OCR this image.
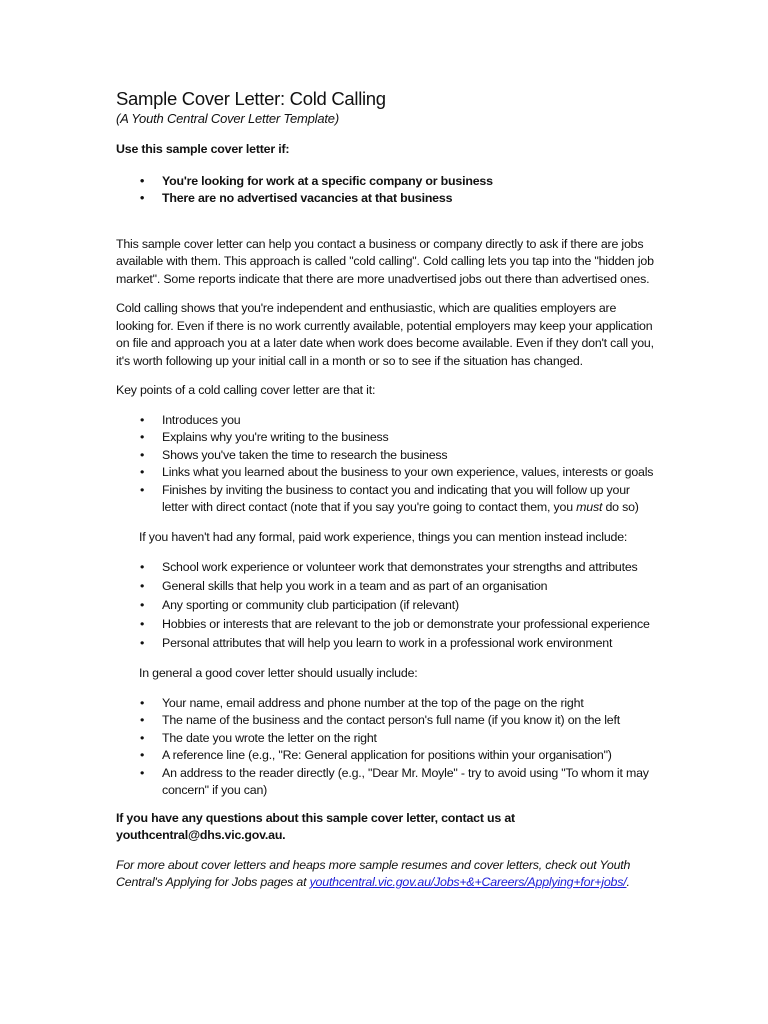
Sample Cover Letter: Cold Calling

(A Youth Central Cover Letter Template)

Use this sample cover letter if:

• You're looking for work at a specific company or business
• There are no advertised vacancies at that business

This sample cover letter can help you contact a business or company directly to ask if there are jobs available with them. This approach is called "cold calling". Cold calling lets you tap into the "hidden job market". Some reports indicate that there are more unadvertised jobs out there than advertised ones.

Cold calling shows that you're independent and enthusiastic, which are qualities employers are looking for. Even if there is no work currently available, potential employers may keep your application on file and approach you at a later date when work does become available. Even if they don't call you, it's worth following up your initial call in a month or so to see if the situation has changed.

Key points of a cold calling cover letter are that it:

• Introduces you
• Explains why you're writing to the business
• Shows you've taken the time to research the business
• Links what you learned about the business to your own experience, values, interests or goals
• Finishes by inviting the business to contact you and indicating that you will follow up your letter with direct contact (note that if you say you're going to contact them, you must do so)

If you haven't had any formal, paid work experience, things you can mention instead include:

• School work experience or volunteer work that demonstrates your strengths and attributes
• General skills that help you work in a team and as part of an organisation
• Any sporting or community club participation (if relevant)
• Hobbies or interests that are relevant to the job or demonstrate your professional experience
• Personal attributes that will help you learn to work in a professional work environment

In general a good cover letter should usually include:

• Your name, email address and phone number at the top of the page on the right
• The name of the business and the contact person's full name (if you know it) on the left
• The date you wrote the letter on the right
• A reference line (e.g., "Re: General application for positions within your organisation")
• An address to the reader directly (e.g., "Dear Mr. Moyle" - try to avoid using "To whom it may concern" if you can)

If you have any questions about this sample cover letter, contact us at youthcentral@dhs.vic.gov.au.

For more about cover letters and heaps more sample resumes and cover letters, check out Youth Central's Applying for Jobs pages at youthcentral.vic.gov.au/Jobs+&+Careers/Applying+for+jobs/.
